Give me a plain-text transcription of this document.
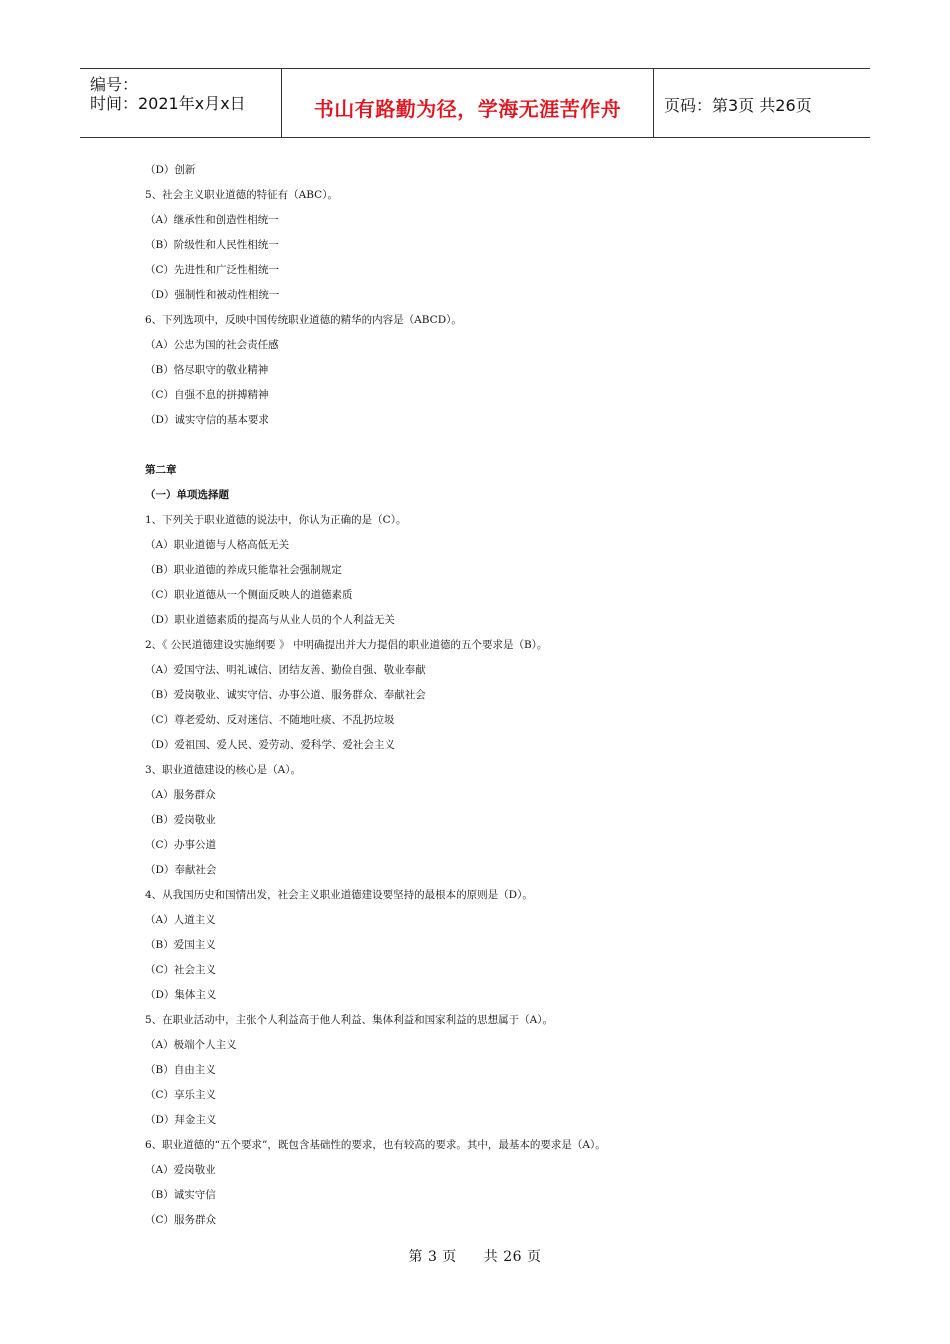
编号：
时间：2021年x月x日	书山有路勤为径，学海无涯苦作舟	页码：第3页 共26页
（D）创新
5、社会主义职业道德的特征有（ABC）。
（A）继承性和创造性相统一
（B）阶级性和人民性相统一
（C）先进性和广泛性相统一
（D）强制性和被动性相统一
6、下列选项中，反映中国传统职业道德的精华的内容是（ABCD）。
（A）公忠为国的社会责任感
（B）恪尽职守的敬业精神
（C）自强不息的拼搏精神
（D）诚实守信的基本要求
第二章
（一）单项选择题
1、下列关于职业道德的说法中，你认为正确的是（C）。
（A）职业道德与人格高低无关
（B）职业道德的养成只能靠社会强制规定
（C）职业道德从一个侧面反映人的道德素质
（D）职业道德素质的提高与从业人员的个人利益无关
2、《 公民道德建设实施纲要 》 中明确提出并大力提倡的职业道德的五个要求是（B）。
（A）爱国守法、明礼诚信、团结友善、勤俭自强、敬业奉献
（B）爱岗敬业、诚实守信、办事公道、服务群众、奉献社会
（C）尊老爱幼、反对迷信、不随地吐痰、不乱扔垃圾
（D）爱祖国、爱人民、爱劳动、爱科学、爱社会主义
3、职业道德建设的核心是（A）。
（A）服务群众
（B）爱岗敬业
（C）办事公道
（D）奉献社会
4、从我国历史和国情出发，社会主义职业道德建设要坚持的最根本的原则是（D）。
（A）人道主义
（B）爱国主义
（C）社会主义
（D）集体主义
5、在职业活动中，主张个人利益高于他人利益、集体利益和国家利益的思想属于（A）。
（A）极端个人主义
（B）自由主义
（C）享乐主义
（D）拜金主义
6、职业道德的“五个要求”，既包含基础性的要求，也有较高的要求。其中，最基本的要求是（A）。
（A）爱岗敬业
（B）诚实守信
（C）服务群众
第 3 页 共 26 页
